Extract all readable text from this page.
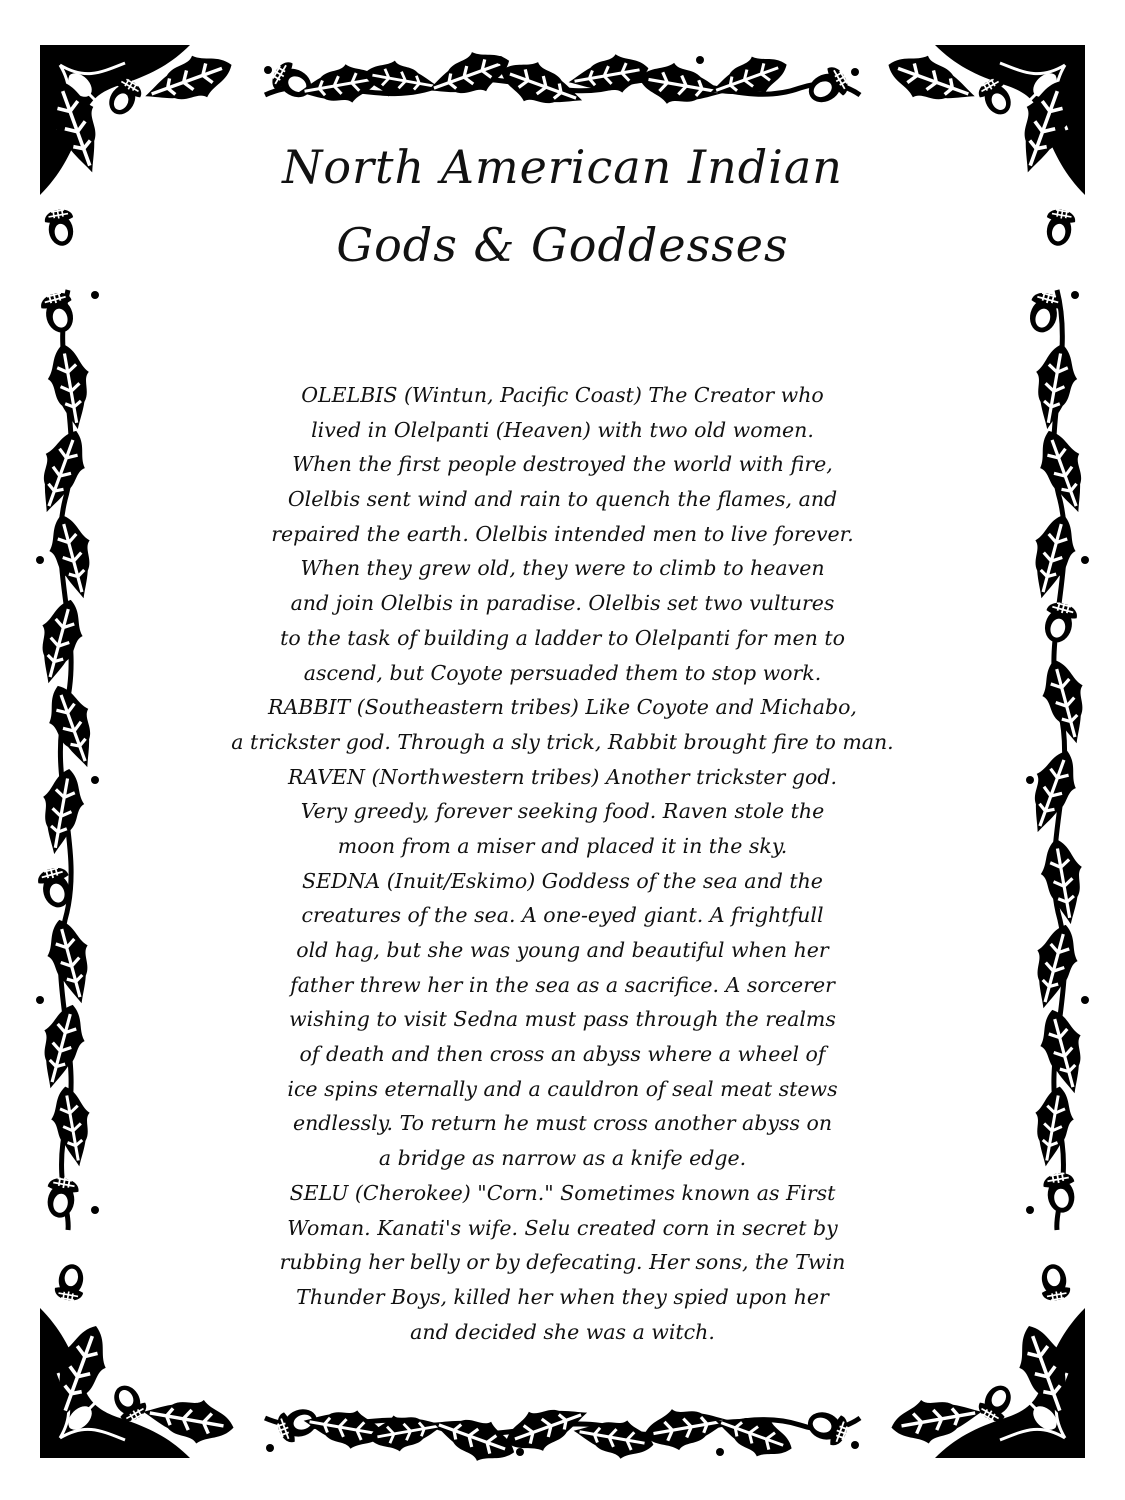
North American Indian
Gods & Goddesses
OLELBIS (Wintun, Pacific Coast) The Creator who
lived in Olelpanti (Heaven) with two old women.
When the first people destroyed the world with fire,
Olelbis sent wind and rain to quench the flames, and
repaired the earth. Olelbis intended men to live forever.
When they grew old, they were to climb to heaven
and join Olelbis in paradise. Olelbis set two vultures
to the task of building a ladder to Olelpanti for men to
ascend, but Coyote persuaded them to stop work.
RABBIT (Southeastern tribes) Like Coyote and Michabo,
a trickster god. Through a sly trick, Rabbit brought fire to man.
RAVEN (Northwestern tribes) Another trickster god.
Very greedy, forever seeking food. Raven stole the
moon from a miser and placed it in the sky.
SEDNA (Inuit/Eskimo) Goddess of the sea and the
creatures of the sea. A one-eyed giant. A frightfull
old hag, but she was young and beautiful when her
father threw her in the sea as a sacrifice. A sorcerer
wishing to visit Sedna must pass through the realms
of death and then cross an abyss where a wheel of
ice spins eternally and a cauldron of seal meat stews
endlessly. To return he must cross another abyss on
a bridge as narrow as a knife edge.
SELU (Cherokee) "Corn." Sometimes known as First
Woman. Kanati's wife. Selu created corn in secret by
rubbing her belly or by defecating. Her sons, the Twin
Thunder Boys, killed her when they spied upon her
and decided she was a witch.
